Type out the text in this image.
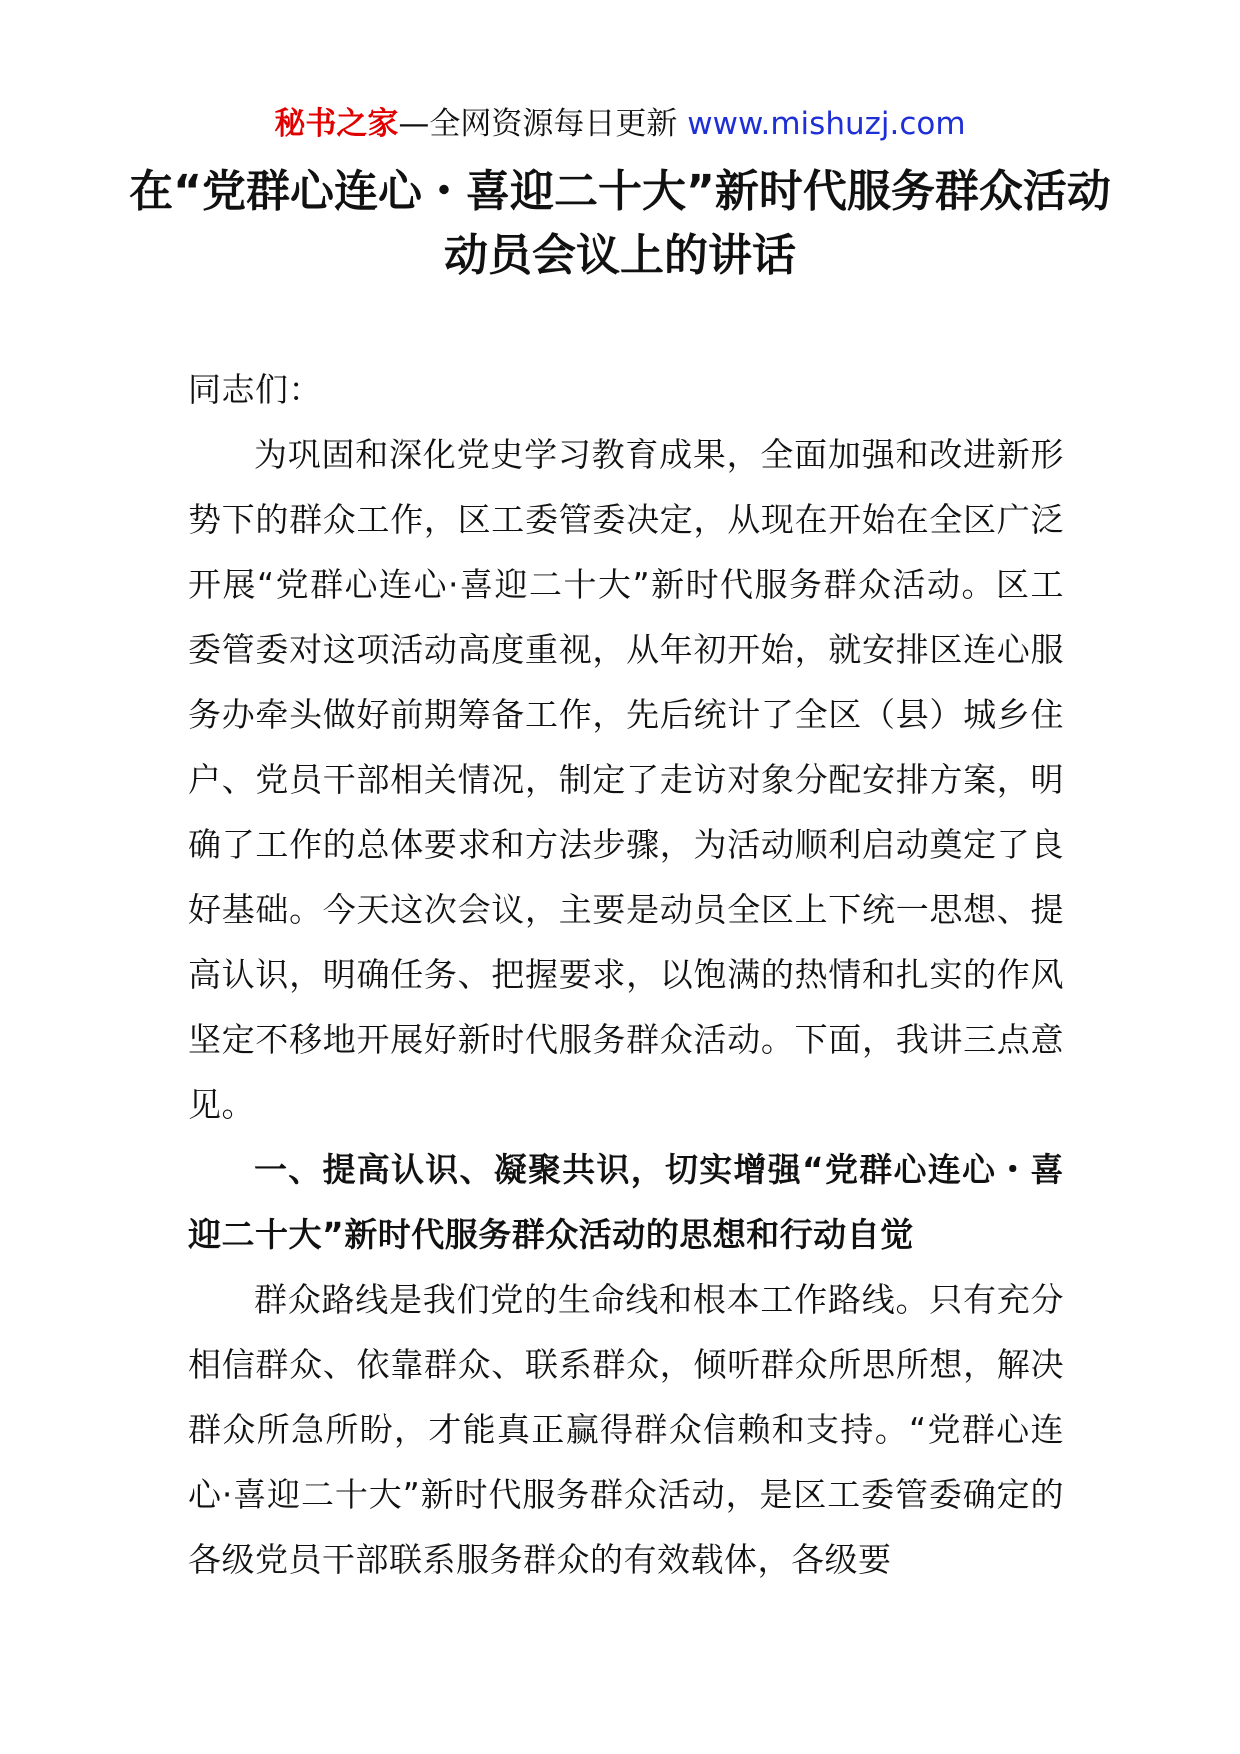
秘书之家—全网资源每日更新 www.mishuzj.com
在“党群心连心・喜迎二十大”新时代服务群众活动动员会议上的讲话

同志们：

为巩固和深化党史学习教育成果，全面加强和改进新形势下的群众工作，区工委管委决定，从现在开始在全区广泛开展“党群心连心·喜迎二十大”新时代服务群众活动。区工委管委对这项活动高度重视，从年初开始，就安排区连心服务办牵头做好前期筹备工作，先后统计了全区（县）城乡住户、党员干部相关情况，制定了走访对象分配安排方案，明确了工作的总体要求和方法步骤，为活动顺利启动奠定了良好基础。今天这次会议，主要是动员全区上下统一思想、提高认识，明确任务、把握要求，以饱满的热情和扎实的作风坚定不移地开展好新时代服务群众活动。下面，我讲三点意见。

一、提高认识、凝聚共识，切实增强“党群心连心・喜迎二十大”新时代服务群众活动的思想和行动自觉

群众路线是我们党的生命线和根本工作路线。只有充分相信群众、依靠群众、联系群众，倾听群众所思所想，解决群众所急所盼，才能真正赢得群众信赖和支持。“党群心连心·喜迎二十大”新时代服务群众活动，是区工委管委确定的各级党员干部联系服务群众的有效载体，各级要
